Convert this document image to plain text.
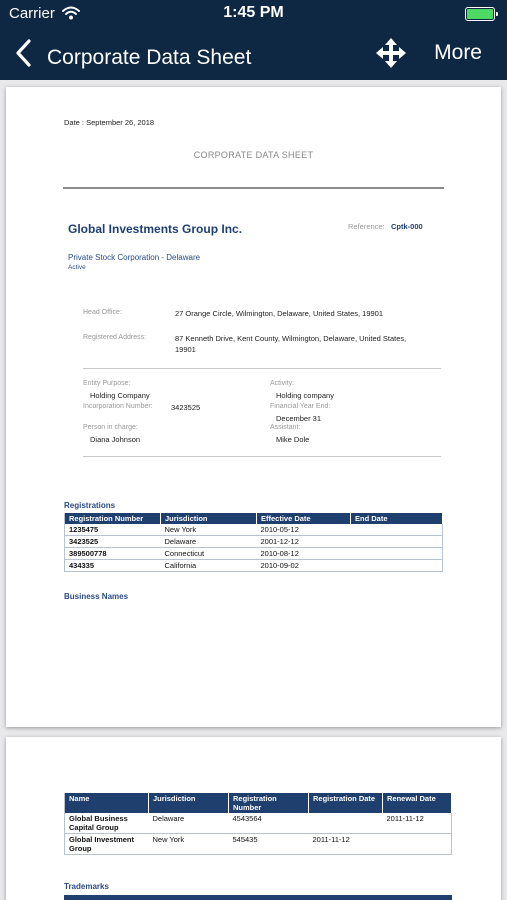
Carrier	1:45 PM
Corporate Data Sheet	More
Date : September 26, 2018
CORPORATE DATA SHEET
Global Investments Group Inc.	Reference: Cptk-000
Private Stock Corporation - Delaware
Active
Head Office:	27 Orange Circle, Wilmington, Delaware, United States, 19901
Registered Address:	87 Kenneth Drive, Kent County, Wilmington, Delaware, United States,
19901
Entity Purpose:
Holding Company
Activity:
Holding company
Incorporation Number: 3423525	Financial Year End:
December 31
Person in charge:
Diana Johnson
Assistant:
Mike Dole
Registrations
Registration Number	Jurisdiction	Effective Date	End Date
1235475	New York	2010-05-12	
3423525	Delaware	2001-12-12	
389500778	Connecticut	2010-08-12	
434335	California	2010-09-02	
Business Names
Name	Jurisdiction	Registration Number	Registration Date	Renewal Date
Global Business Capital Group	Delaware	4543564		2011-11-12
Global Investment Group	New York	545435	2011-11-12	
Trademarks
